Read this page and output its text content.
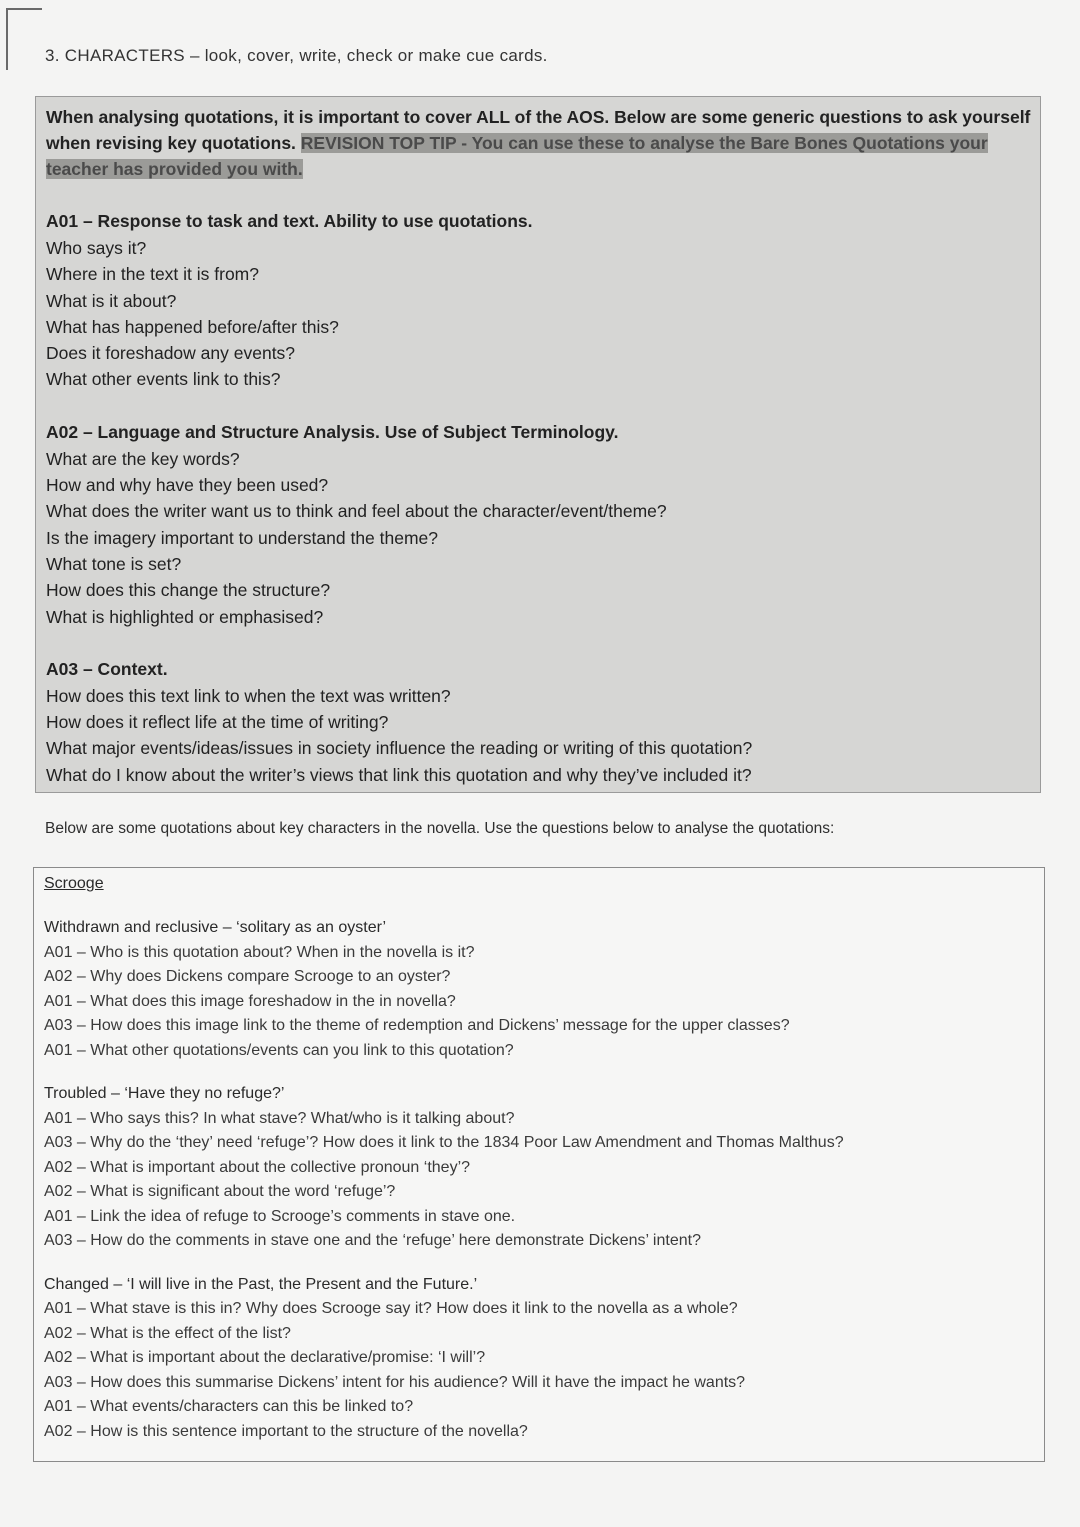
3. CHARACTERS – look, cover, write, check or make cue cards.
When analysing quotations, it is important to cover ALL of the AOS. Below are some generic questions to ask yourself when revising key quotations. REVISION TOP TIP - You can use these to analyse the Bare Bones Quotations your teacher has provided you with.
A01 – Response to task and text. Ability to use quotations.
Who says it?
Where in the text it is from?
What is it about?
What has happened before/after this?
Does it foreshadow any events?
What other events link to this?
A02 – Language and Structure Analysis. Use of Subject Terminology.
What are the key words?
How and why have they been used?
What does the writer want us to think and feel about the character/event/theme?
Is the imagery important to understand the theme?
What tone is set?
How does this change the structure?
What is highlighted or emphasised?
A03 – Context.
How does this text link to when the text was written?
How does it reflect life at the time of writing?
What major events/ideas/issues in society influence the reading or writing of this quotation?
What do I know about the writer’s views that link this quotation and why they’ve included it?
Below are some quotations about key characters in the novella. Use the questions below to analyse the quotations:
Scrooge
Withdrawn and reclusive – ‘solitary as an oyster’
A01 – Who is this quotation about? When in the novella is it?
A02 – Why does Dickens compare Scrooge to an oyster?
A01 – What does this image foreshadow in the in novella?
A03 – How does this image link to the theme of redemption and Dickens’ message for the upper classes?
A01 – What other quotations/events can you link to this quotation?
Troubled – ‘Have they no refuge?’
A01 – Who says this? In what stave? What/who is it talking about?
A03 – Why do the ‘they’ need ‘refuge’? How does it link to the 1834 Poor Law Amendment and Thomas Malthus?
A02 – What is important about the collective pronoun ‘they’?
A02 – What is significant about the word ‘refuge’?
A01 – Link the idea of refuge to Scrooge’s comments in stave one.
A03 – How do the comments in stave one and the ‘refuge’ here demonstrate Dickens’ intent?
Changed – ‘I will live in the Past, the Present and the Future.’
A01 – What stave is this in? Why does Scrooge say it? How does it link to the novella as a whole?
A02 – What is the effect of the list?
A02 – What is important about the declarative/promise: ‘I will’?
A03 – How does this summarise Dickens’ intent for his audience? Will it have the impact he wants?
A01 – What events/characters can this be linked to?
A02 – How is this sentence important to the structure of the novella?
